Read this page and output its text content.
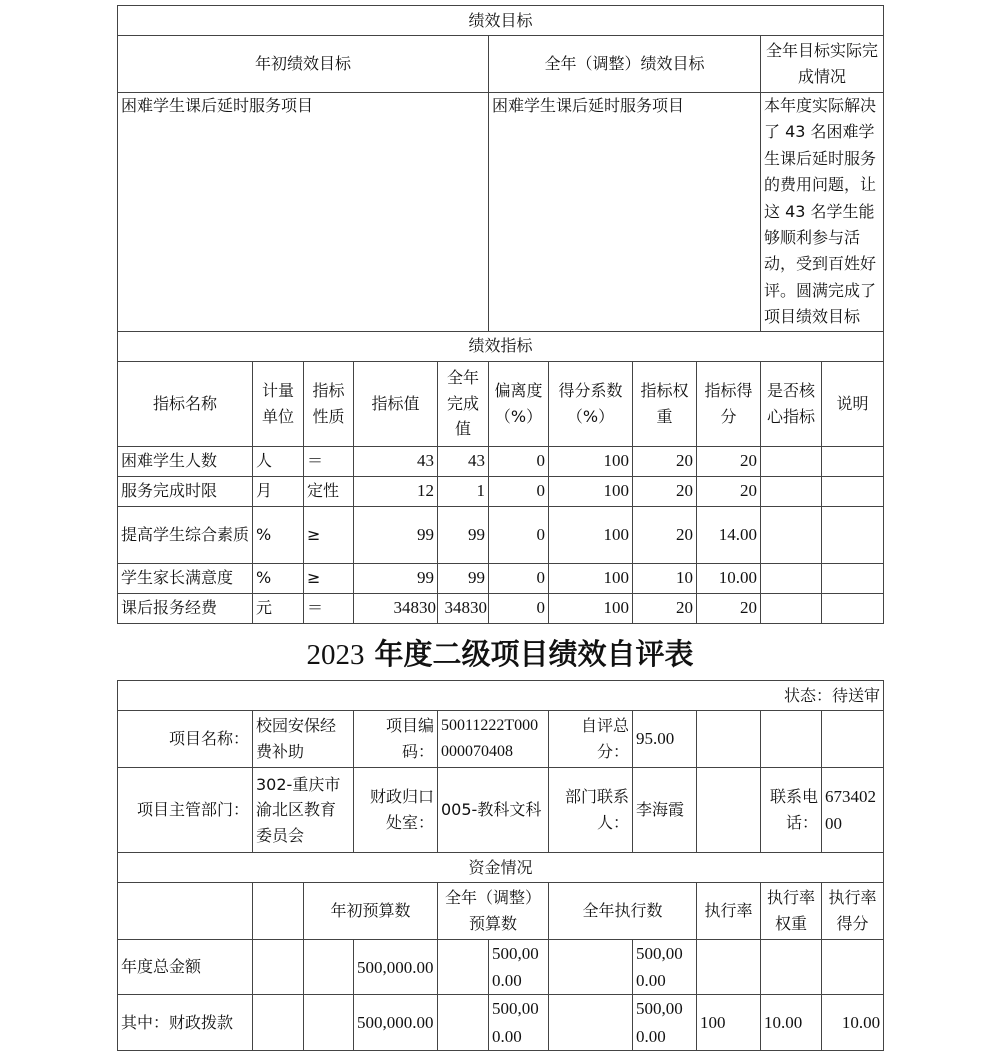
绩效目标										
年初绩效目标					全年（调整）绩效目标				全年目标实际完成情况	
困难学生课后延时服务项目					困难学生课后延时服务项目				本年度实际解决了 43 名困难学生课后延时服务的费用问题，让这 43 名学生能够顺利参与活动，受到百姓好评。圆满完成了项目绩效目标	
绩效指标										
指标名称	计量单位	指标性质	指标值	全年完成值	偏离度（%）	得分系数（%）	指标权重	指标得分	是否核心指标	说明
困难学生人数	人	＝	43	43	0	100	20	20		
服务完成时限	月	定性	12	1	0	100	20	20		
提高学生综合素质	%	≥	99	99	0	100	20	14.00		
学生家长满意度	%	≥	99	99	0	100	10	10.00		
课后报务经费	元	＝	34830	34830	0	100	20	20		
2023 年度二级项目绩效自评表
状态：待送审										
项目名称：	校园安保经费补助		项目编码：	50011222T000000070408		自评总分：	95.00			
项目主管部门：	302-重庆市渝北区教育委员会		财政归口处室：	005-教科文科		部门联系人：	李海霞		联系电话：	67340200
资金情况										
		年初预算数		全年（调整）预算数		全年执行数		执行率	执行率权重	执行率得分
年度总金额			500,000.00		500,000.00		500,000.00			
其中：财政拨款			500,000.00		500,000.00		500,000.00	100	10.00	10.00
